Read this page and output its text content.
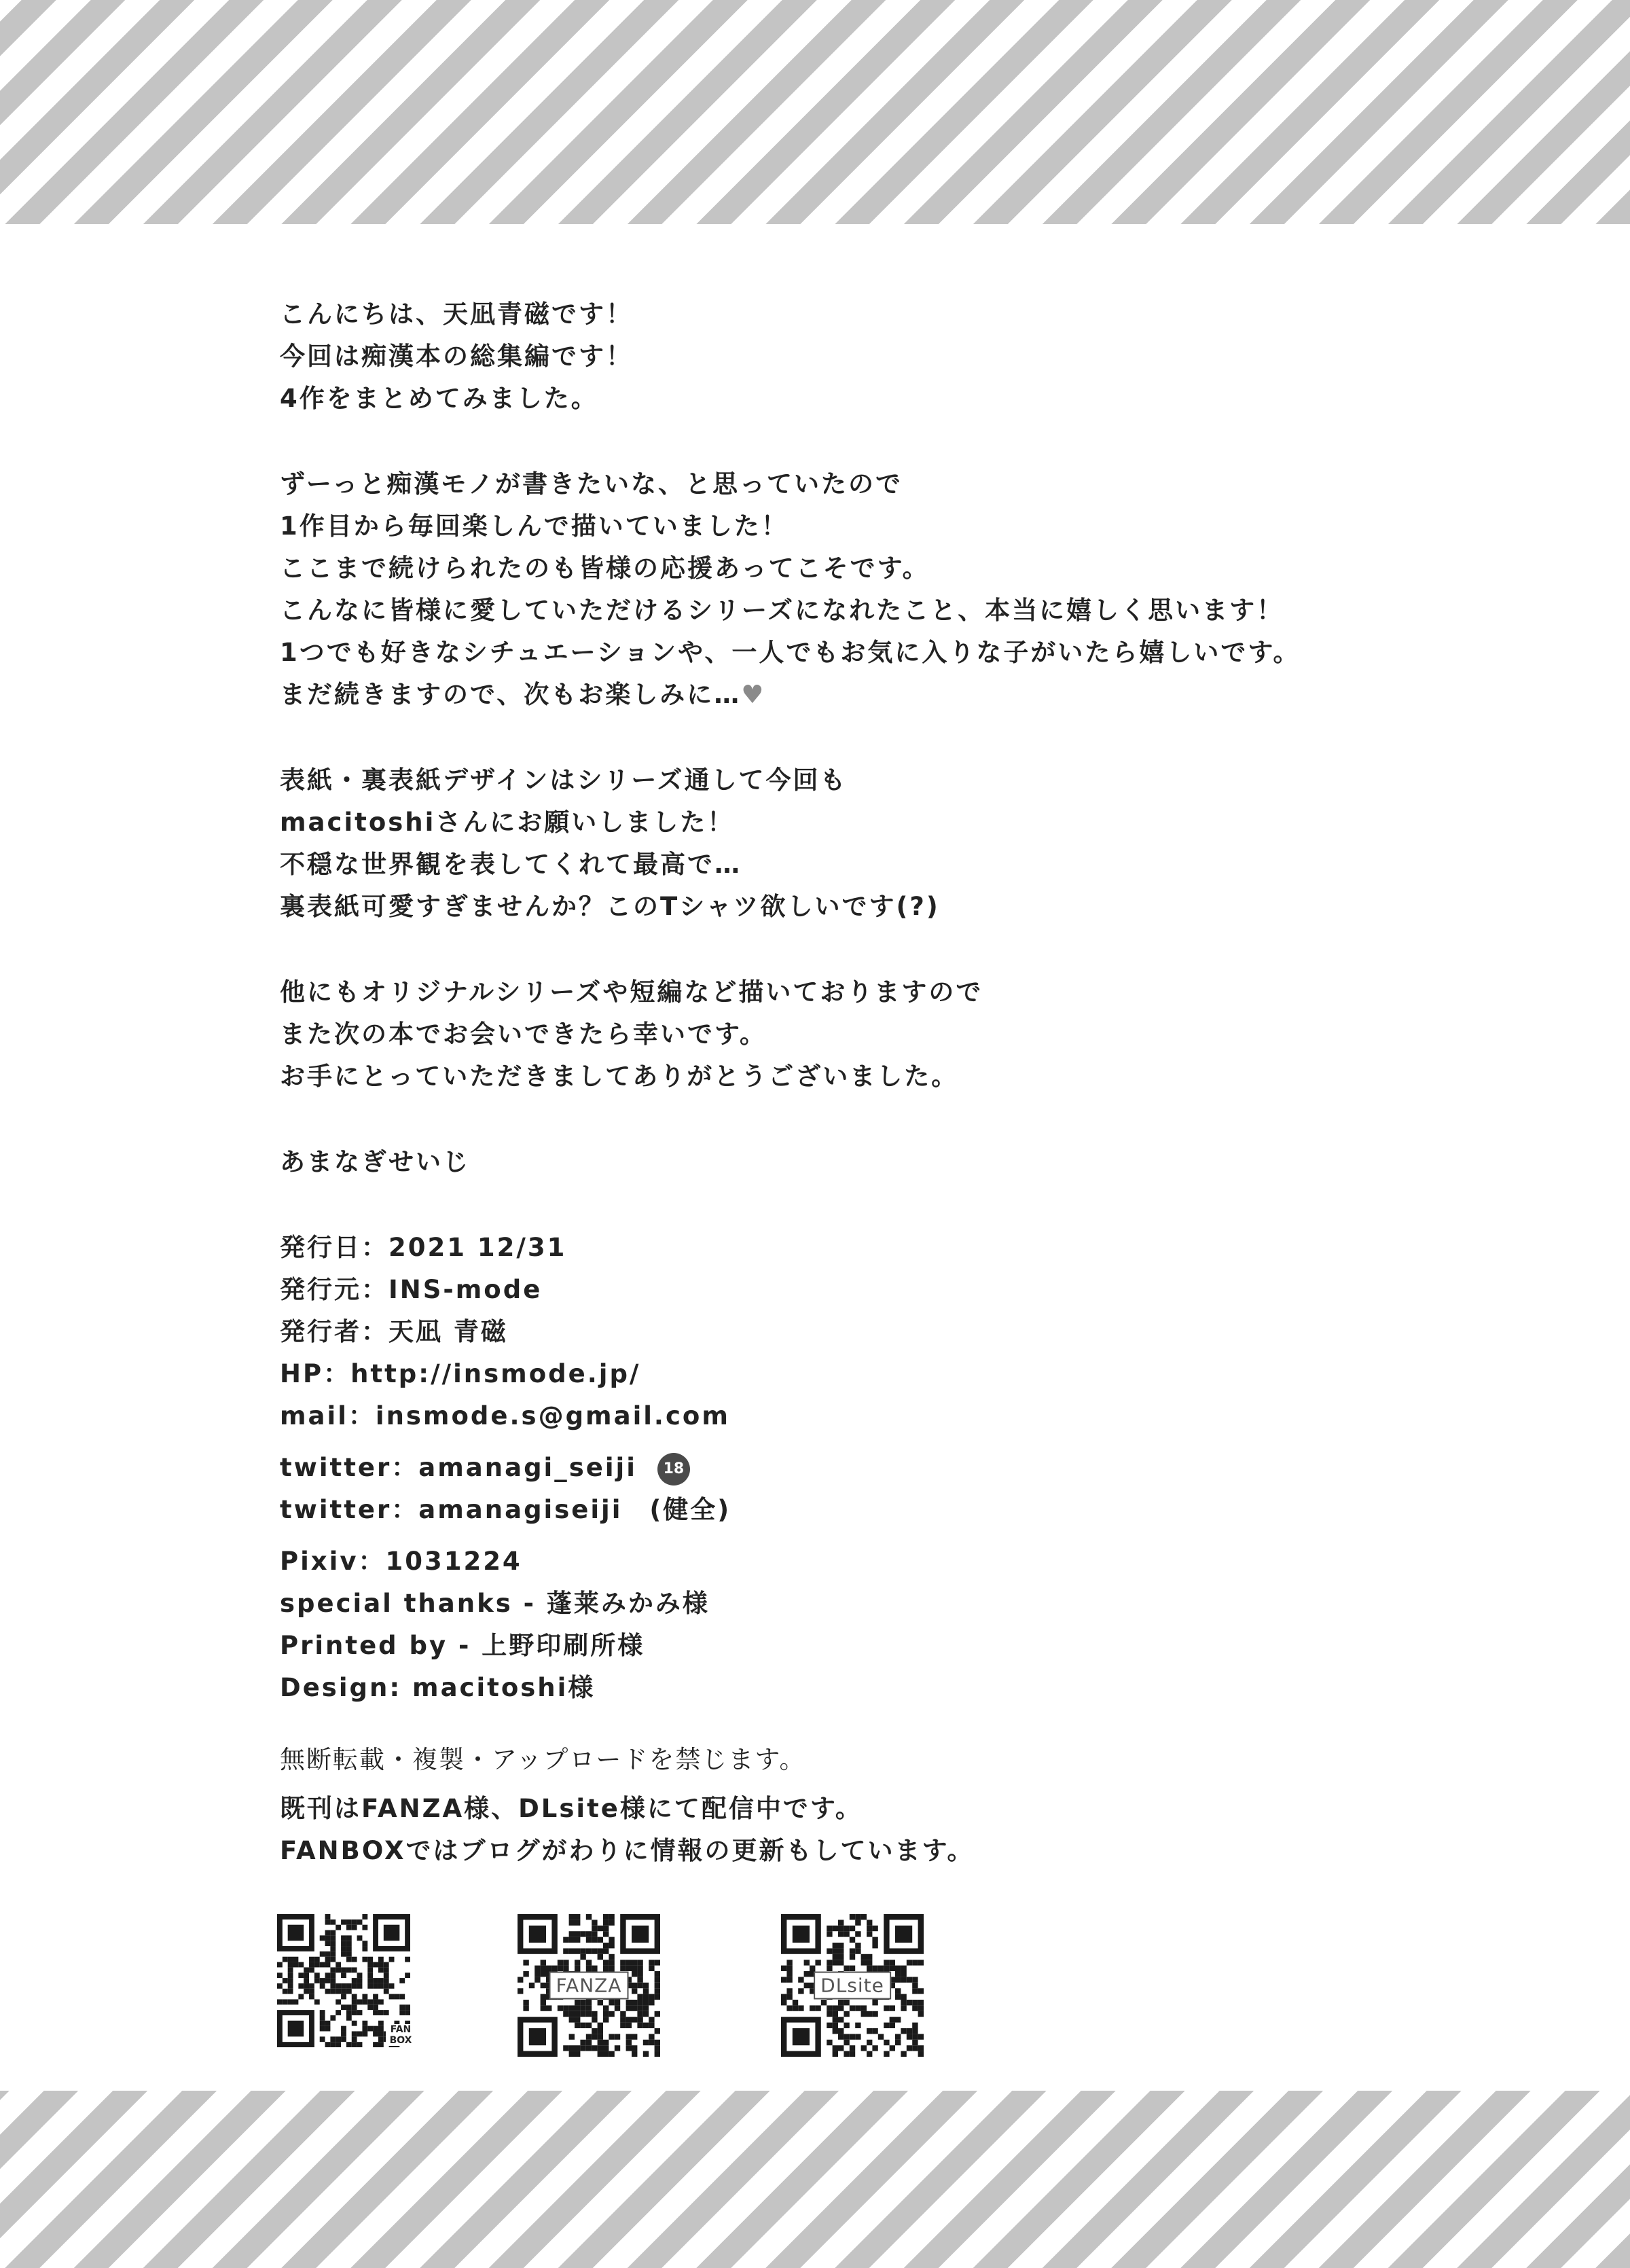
こんにちは、天凪青磁です！
今回は痴漢本の総集編です！
4作をまとめてみました。
ずーっと痴漢モノが書きたいな、と思っていたので
1作目から毎回楽しんで描いていました！
ここまで続けられたのも皆様の応援あってこそです。
こんなに皆様に愛していただけるシリーズになれたこと、本当に嬉しく思います！
1つでも好きなシチュエーションや、一人でもお気に入りな子がいたら嬉しいです。
まだ続きますので、次もお楽しみに…♥
表紙・裏表紙デザインはシリーズ通して今回も
macitoshiさんにお願いしました！
不穏な世界観を表してくれて最高で…
裏表紙可愛すぎませんか？このTシャツ欲しいです(?)
他にもオリジナルシリーズや短編など描いておりますので
また次の本でお会いできたら幸いです。
お手にとっていただきましてありがとうございました。
あまなぎせいじ
発行日：2021 12/31
発行元：INS-mode
発行者：天凪 青磁
HP：http://insmode.jp/
mail：insmode.s@gmail.com
twitter：amanagi_seiji 18
twitter：amanagiseiji　(健全)
Pixiv：1031224
special thanks - 蓬莱みかみ様
Printed by - 上野印刷所様
Design: macitoshi様
無断転載・複製・アップロードを禁じます。
既刊はFANZA様、DLsite様にて配信中です。
FANBOXではブログがわりに情報の更新もしています。
FAN
BOX
FANZA	DLsite
